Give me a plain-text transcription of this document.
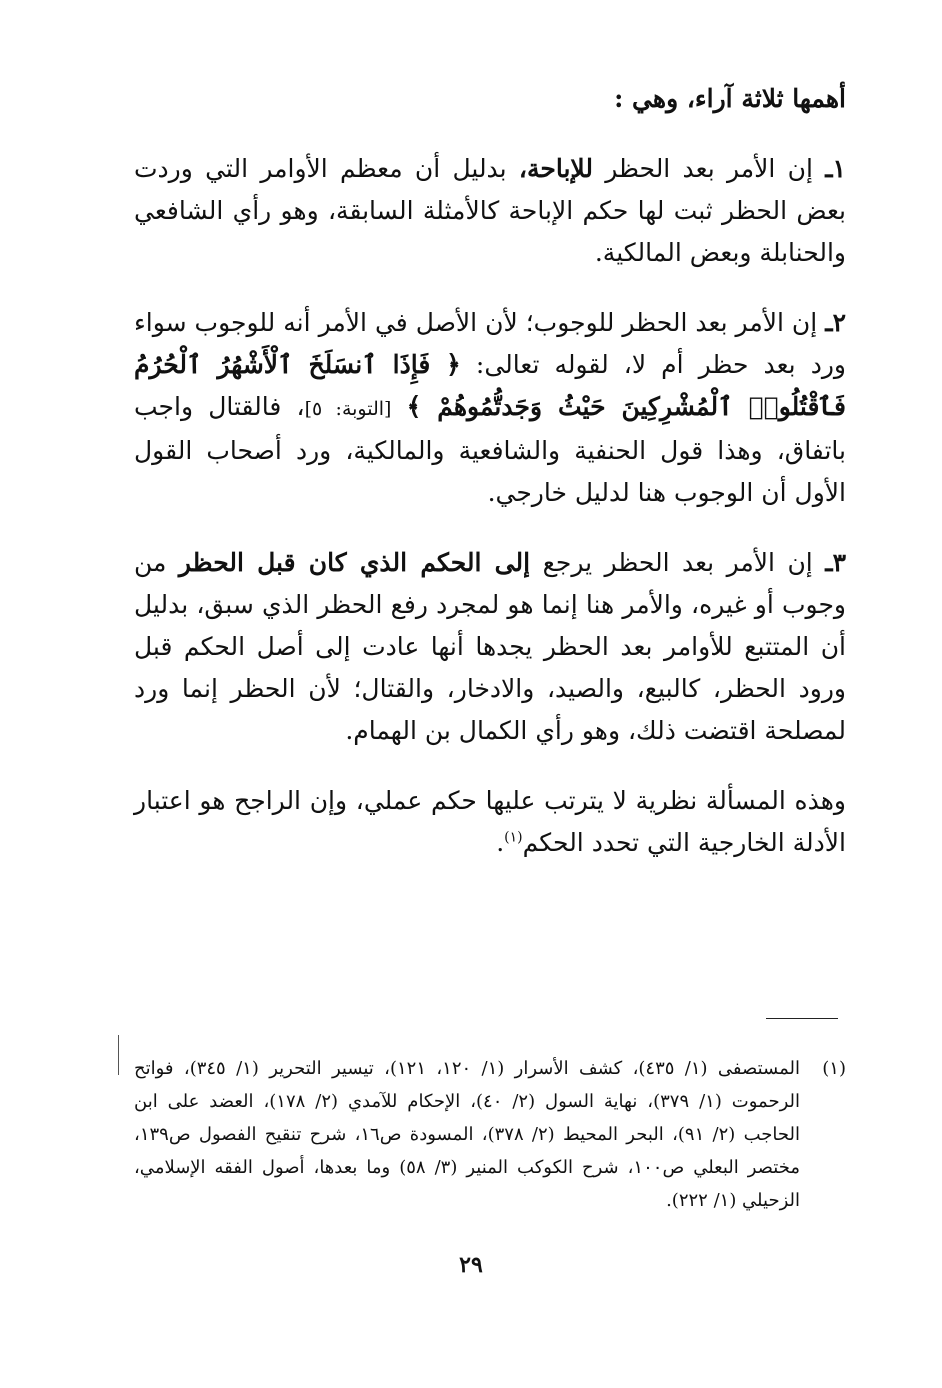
أهمها ثلاثة آراء، وهي :

١ـ إن الأمر بعد الحظر للإباحة، بدليل أن معظم الأوامر التي وردت بعض الحظر ثبت لها حكم الإباحة كالأمثلة السابقة، وهو رأي الشافعي والحنابلة وبعض المالكية.

٢ـ إن الأمر بعد الحظر للوجوب؛ لأن الأصل في الأمر أنه للوجوب سواء ورد بعد حظر أم لا، لقوله تعالى: ﴿ فَإِذَا ٱنسَلَخَ ٱلْأَشْهُرُ ٱلْحُرُمُ فَٱقْتُلُوا۟ ٱلْمُشْرِكِينَ حَيْثُ وَجَدتُّمُوهُمْ ﴾ [التوبة: ٥]، فالقتال واجب باتفاق، وهذا قول الحنفية والشافعية والمالكية، ورد أصحاب القول الأول أن الوجوب هنا لدليل خارجي.

٣ـ إن الأمر بعد الحظر يرجع إلى الحكم الذي كان قبل الحظر من وجوب أو غيره، والأمر هنا إنما هو لمجرد رفع الحظر الذي سبق، بدليل أن المتتبع للأوامر بعد الحظر يجدها أنها عادت إلى أصل الحكم قبل ورود الحظر، كالبيع، والصيد، والادخار، والقتال؛ لأن الحظر إنما ورد لمصلحة اقتضت ذلك، وهو رأي الكمال بن الهمام.

وهذه المسألة نظرية لا يترتب عليها حكم عملي، وإن الراجح هو اعتبار الأدلة الخارجية التي تحدد الحكم$^{(١)}$.

(١)
المستصفى (١/ ٤٣٥)، كشف الأسرار (١/ ١٢٠، ١٢١)، تيسير التحرير (١/ ٣٤٥)، فواتح الرحموت (١/ ٣٧٩)، نهاية السول (٢/ ٤٠)، الإحكام للآمدي (٢/ ١٧٨)، العضد على ابن الحاجب (٢/ ٩١)، البحر المحيط (٢/ ٣٧٨)، المسودة ص١٦، شرح تنقيح الفصول ص١٣٩، مختصر البعلي ص١٠٠، شرح الكوكب المنير (٣/ ٥٨) وما بعدها، أصول الفقه الإسلامي، الزحيلي (١/ ٢٢٢).
٢٩
